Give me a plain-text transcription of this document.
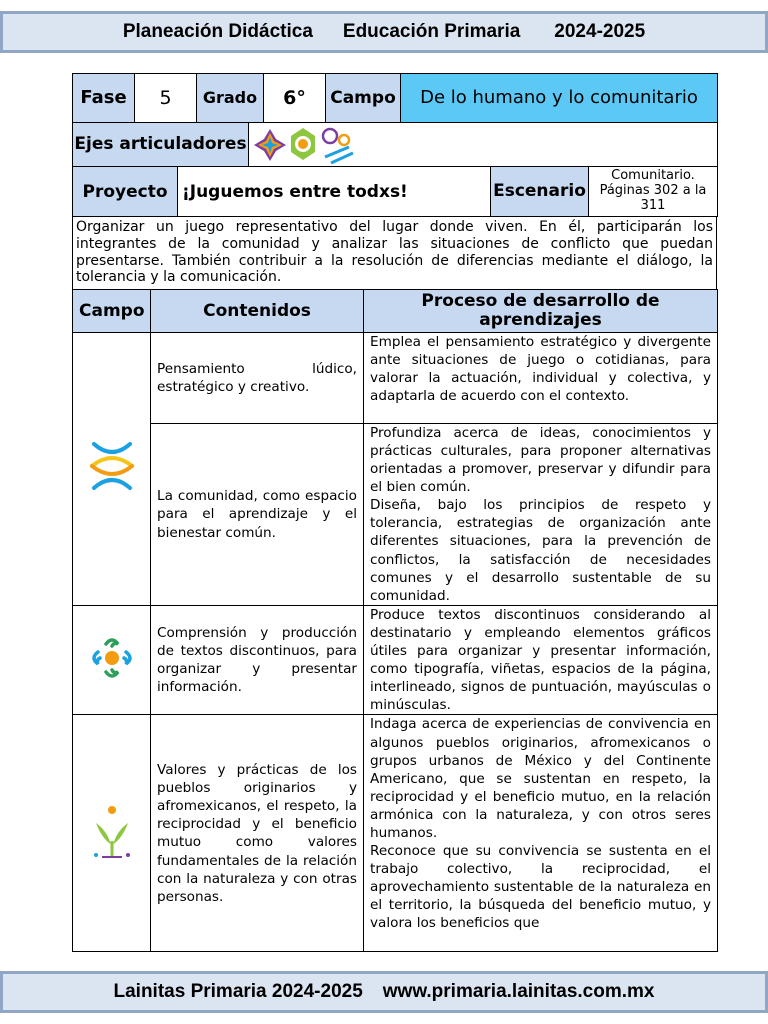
Planeación Didáctica Educación Primaria 2024-2025
Fase	5	Grado	6°	Campo	De lo humano y lo comunitario
Ejes articuladores	
Proyecto	¡Juguemos entre todxs!	Escenario	Comunitario. Páginas 302 a la 311
Organizar un juego representativo del lugar donde viven. En él, participarán los integrantes de la comunidad y analizar las situaciones de conflicto que puedan presentarse. También contribuir a la resolución de diferencias mediante el diálogo, la tolerancia y la comunicación.
Campo	Contenidos	Proceso de desarrollo de aprendizajes
	Pensamiento lúdico, estratégico y creativo.	Emplea el pensamiento estratégico y divergente ante situaciones de juego o cotidianas, para valorar la actuación, individual y colectiva, y adaptarla de acuerdo con el contexto.

	La comunidad, como espacio para el aprendizaje y el bienestar común.	Profundiza acerca de ideas, conocimientos y prácticas culturales, para proponer alternativas orientadas a promover, preservar y difundir para el bien común.

Diseña, bajo los principios de respeto y tolerancia, estrategias de organización ante diferentes situaciones, para la prevención de conflictos, la satisfacción de necesidades comunes y el desarrollo sustentable de su comunidad.

	Comprensión y producción de textos discontinuos, para organizar y presentar información.	Produce textos discontinuos considerando al destinatario y empleando elementos gráficos útiles para organizar y presentar información, como tipografía, viñetas, espacios de la página, interlineado, signos de puntuación, mayúsculas o minúsculas.

	Valores y prácticas de los pueblos originarios y afromexicanos, el respeto, la reciprocidad y el beneficio mutuo como valores fundamentales de la relación con la naturaleza y con otras personas.	Indaga acerca de experiencias de convivencia en algunos pueblos originarios, afromexicanos o grupos urbanos de México y del Continente Americano, que se sustentan en respeto, la reciprocidad y el beneficio mutuo, en la relación armónica con la naturaleza, y con otros seres humanos.

Reconoce que su convivencia se sustenta en el trabajo colectivo, la reciprocidad, el aprovechamiento sustentable de la naturaleza en el territorio, la búsqueda del beneficio mutuo, y valora los beneficios que

Lainitas Primaria 2024-2025 www.primaria.lainitas.com.mx
